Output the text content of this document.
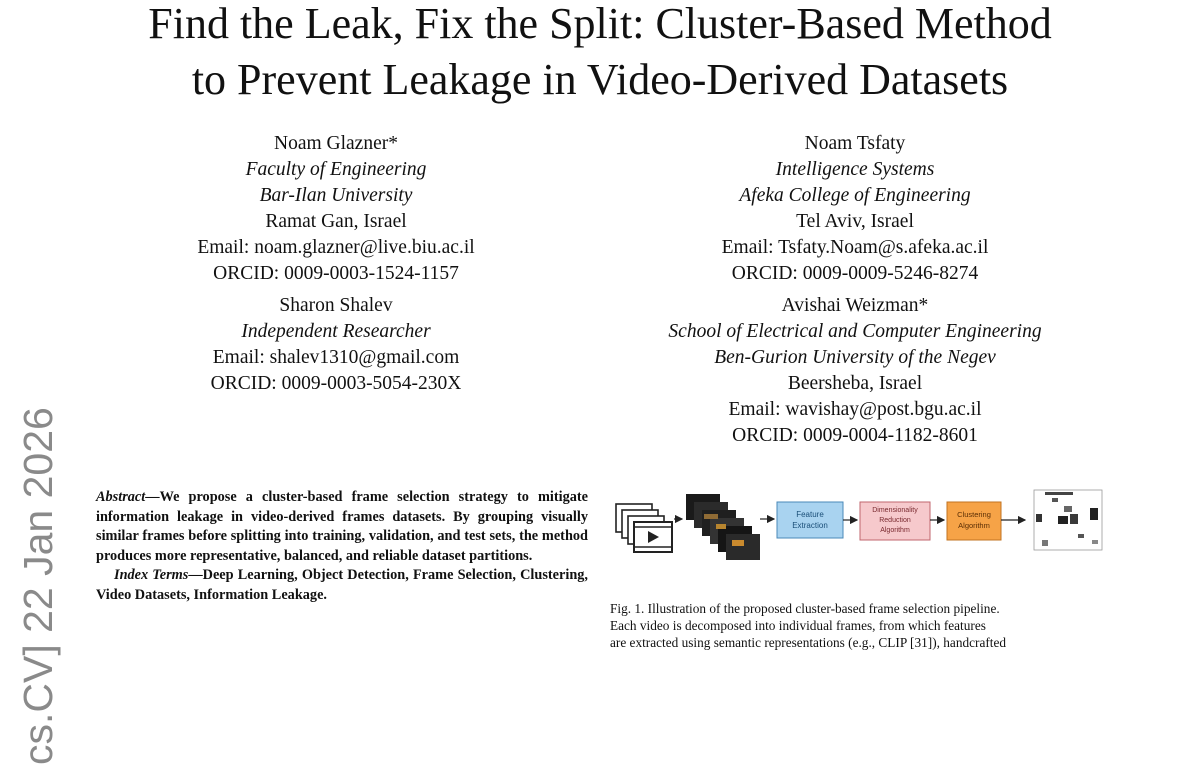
Find the Leak, Fix the Split: Cluster-Based Method
to Prevent Leakage in Video-Derived Datasets
Noam Glazner*
Faculty of Engineering
Bar-Ilan University
Ramat Gan, Israel
Email: noam.glazner@live.biu.ac.il
ORCID: 0009-0003-1524-1157
Noam Tsfaty
Intelligence Systems
Afeka College of Engineering
Tel Aviv, Israel
Email: Tsfaty.Noam@s.afeka.ac.il
ORCID: 0009-0009-5246-8274
Sharon Shalev
Independent Researcher
Email: shalev1310@gmail.com
ORCID: 0009-0003-5054-230X
Avishai Weizman*
School of Electrical and Computer Engineering
Ben-Gurion University of the Negev
Beersheba, Israel
Email: wavishay@post.bgu.ac.il
ORCID: 0009-0004-1182-8601
cs.CV] 22 Jan 2026	Abstract—We propose a cluster-based frame selection strategy to mitigate information leakage in video-derived frames datasets. By grouping visually similar frames before splitting into training, validation, and test sets, the method produces more representative, balanced, and reliable dataset partitions.

Index Terms—Deep Learning, Object Detection, Frame Selection, Clustering, Video Datasets, Information Leakage.

Feature
Extraction
Dimensionality
Reduction
Algorithm
Clustering
Algorithm
Fig. 1. Illustration of the proposed cluster-based frame selection pipeline.
Each video is decomposed into individual frames, from which features
are extracted using semantic representations (e.g., CLIP [31]), handcrafted
